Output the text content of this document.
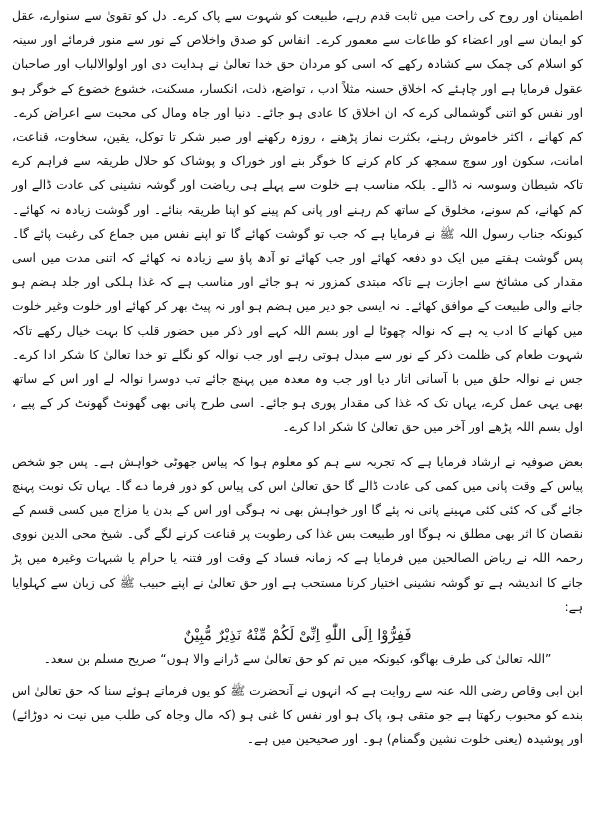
اطمینان اور روح کی راحت میں ثابت قدم رہے، طبیعت کو شہوت سے پاک کرے۔ دل کو تقویٰ سے سنوارے، عقل کو ایمان سے اور اعضاء کو طاعات سے معمور کرے۔ انفاس کو صدق واخلاص کے نور سے منور فرمائے اور سینہ کو اسلام کی چمک سے کشادہ رکھے کہ اسی کو مردان حق خدا تعالیٰ نے ہدایت دی اور اولوالالباب اور صاحبان عقول فرمایا ہے اور چاہئے کہ اخلاق حسنہ مثلاً ادب ، تواضع، ذلت، انکسار، مسکنت، خشوع خضوع کے خوگر ہو اور نفس کو اتنی گوشمالی کرے کہ ان اخلاق کا عادی ہو جائے۔ دنیا اور جاہ ومال کی محبت سے اعراض کرے۔ کم کھانے ، اکثر خاموش رہنے، بکثرت نماز پڑھنے ، روزہ رکھنے اور صبر شکر تا توکل، یقین، سخاوت، قناعت، امانت، سکون اور سوچ سمجھ کر کام کرنے کا خوگر بنے اور خوراک و پوشاک کو حلال طریقہ سے فراہم کرے تاکہ شیطان وسوسہ نہ ڈالے۔ بلکہ مناسب ہے خلوت سے پہلے ہی ریاضت اور گوشہ نشینی کی عادت ڈالے اور کم کھانے، کم سونے، مخلوق کے ساتھ کم رہنے اور پانی کم پینے کو اپنا طریقہ بنائے۔ اور گوشت زیادہ نہ کھائے۔ کیونکہ جناب رسول اللہ ﷺ نے فرمایا ہے کہ جب تو گوشت کھائے گا تو اپنے نفس میں جماع کی رغبت پائے گا۔ پس گوشت ہفتے میں ایک دو دفعہ کھائے اور جب کھائے تو آدھ پاؤ سے زیادہ نہ کھائے کہ اتنی مدت میں اسی مقدار کی مشائخ سے اجازت ہے تاکہ مبتدی کمزور نہ ہو جائے اور مناسب ہے کہ غذا ہلکی اور جلد ہضم ہو جانے والی طبیعت کے موافق کھائے۔ نہ ایسی جو دیر میں ہضم ہو اور نہ پیٹ بھر کر کھائے اور خلوت وغیر خلوت میں کھانے کا ادب یہ ہے کہ نوالہ چھوٹا لے اور بسم اللہ کہے اور ذکر میں حضور قلب کا بہت خیال رکھے تاکہ شہوت طعام کی ظلمت ذکر کے نور سے مبدل ہوتی رہے اور جب نوالہ کو نگلے تو خدا تعالیٰ کا شکر ادا کرے۔ جس نے نوالہ حلق میں با آسانی اتار دیا اور جب وہ معدہ میں پہنچ جائے تب دوسرا نوالہ لے اور اس کے ساتھ بھی یہی عمل کرے، یہاں تک کہ غذا کی مقدار پوری ہو جائے۔ اسی طرح پانی بھی گھونٹ گھونٹ کر کے پیے ، اول بسم اللہ پڑھے اور آخر میں حق تعالیٰ کا شکر ادا کرے۔

بعض صوفیہ نے ارشاد فرمایا ہے کہ تجربہ سے ہم کو معلوم ہوا کہ پیاس جھوٹی خواہش ہے۔ پس جو شخص پیاس کے وقت پانی میں کمی کی عادت ڈالے گا حق تعالیٰ اس کی پیاس کو دور فرما دے گا۔ یہاں تک نوبت پہنچ جائے گی کہ کئی کئی مہینے پانی نہ پئے گا اور خواہش بھی نہ ہوگی اور اس کے بدن یا مزاج میں کسی قسم کے نقصان کا اثر بھی مطلق نہ ہوگا اور طبیعت بس غذا کی رطوبت پر قناعت کرنے لگے گی۔ شیخ محی الدین نووی رحمہ اللہ نے ریاض الصالحین میں فرمایا ہے کہ زمانہ فساد کے وقت اور فتنہ یا حرام یا شبہات وغیرہ میں پڑ جانے کا اندیشہ ہے تو گوشہ نشینی اختیار کرنا مستحب ہے اور حق تعالیٰ نے اپنے حبیب ﷺ کی زبان سے کہلوایا ہے:

فَفِرُّوْا اِلَى اللّٰهِ اِنِّیْ لَكُمْ مِّنْهُ نَذِیْرٌ مُّبِیْنٌ

”اللہ تعالیٰ کی طرف بھاگو، کیونکہ میں تم کو حق تعالیٰ سے ڈرانے والا ہوں“ صریح مسلم بن سعد۔

ابن ابی وقاص رضی اللہ عنہ سے روایت ہے کہ انہوں نے آنحضرت ﷺ کو یوں فرماتے ہوئے سنا کہ حق تعالیٰ اس بندے کو محبوب رکھتا ہے جو متقی ہو، پاک ہو اور نفس کا غنی ہو (کہ مال وجاہ کی طلب میں نیت نہ دوڑائے) اور پوشیدہ (یعنی خلوت نشین وگمنام) ہو۔ اور صحیحین میں ہے۔
